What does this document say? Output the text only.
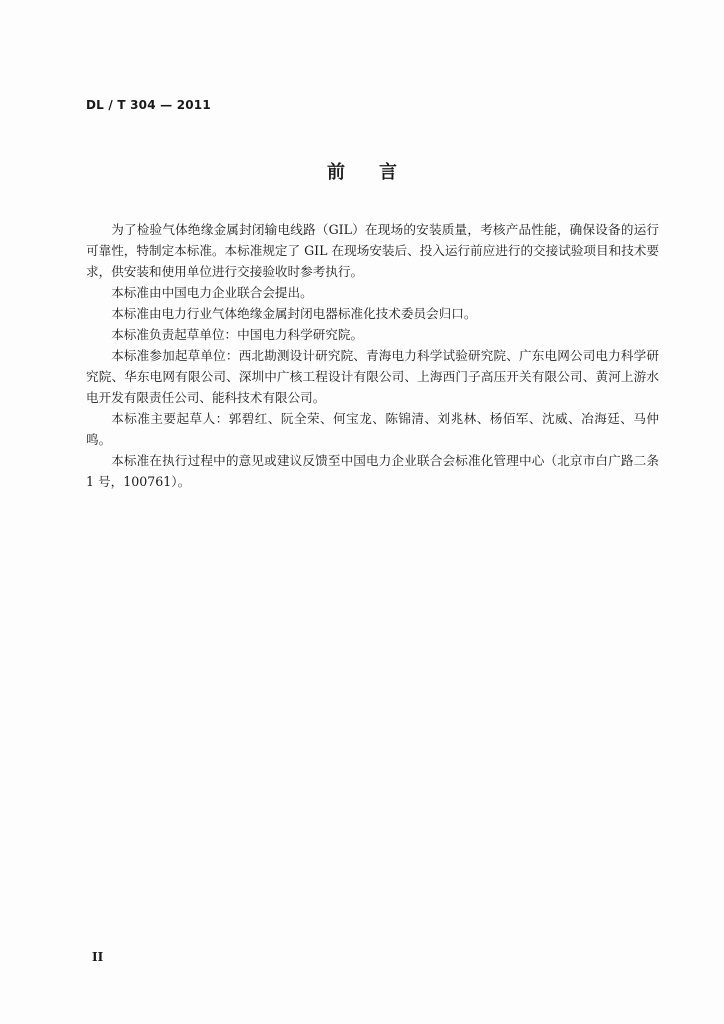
DL / T 304 — 2011
前言

为了检验气体绝缘金属封闭输电线路（GIL）在现场的安装质量，考核产品性能，确保设备的运行可靠性，特制定本标准。本标准规定了 GIL 在现场安装后、投入运行前应进行的交接试验项目和技术要求，供安装和使用单位进行交接验收时参考执行。

本标准由中国电力企业联合会提出。

本标准由电力行业气体绝缘金属封闭电器标准化技术委员会归口。

本标准负责起草单位：中国电力科学研究院。

本标准参加起草单位：西北勘测设计研究院、青海电力科学试验研究院、广东电网公司电力科学研究院、华东电网有限公司、深圳中广核工程设计有限公司、上海西门子高压开关有限公司、黄河上游水电开发有限责任公司、能科技术有限公司。

本标准主要起草人：郭碧红、阮全荣、何宝龙、陈锦清、刘兆林、杨佰军、沈威、冶海廷、马仲鸣。

本标准在执行过程中的意见或建议反馈至中国电力企业联合会标准化管理中心（北京市白广路二条 1 号，100761）。

II
